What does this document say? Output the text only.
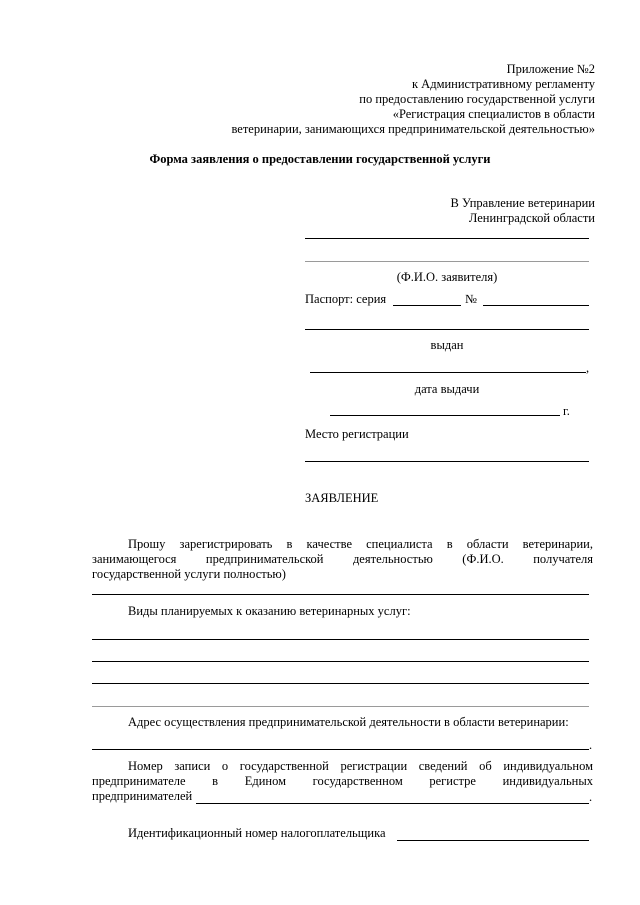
Приложение №2
к Административному регламенту
по предоставлению государственной услуги
«Регистрация специалистов в области
ветеринарии, занимающихся предпринимательской деятельностью»
Форма заявления о предоставлении государственной услуги
В Управление ветеринарии
Ленинградской области
(Ф.И.О. заявителя)
Паспорт: серия	№
выдан
,
дата выдачи
г.
Место регистрации
ЗАЯВЛЕНИЕ
Прошу зарегистрировать в качестве специалиста в области ветеринарии,
занимающегося предпринимательской деятельностью (Ф.И.О. получателя
государственной услуги полностью)
Виды планируемых к оказанию ветеринарных услуг:
Адрес осуществления предпринимательской деятельности в области ветеринарии:
.
Номер записи о государственной регистрации сведений об индивидуальном
предпринимателе в Едином государственном регистре индивидуальных
предпринимателей	.
Идентификационный номер налогоплательщика
